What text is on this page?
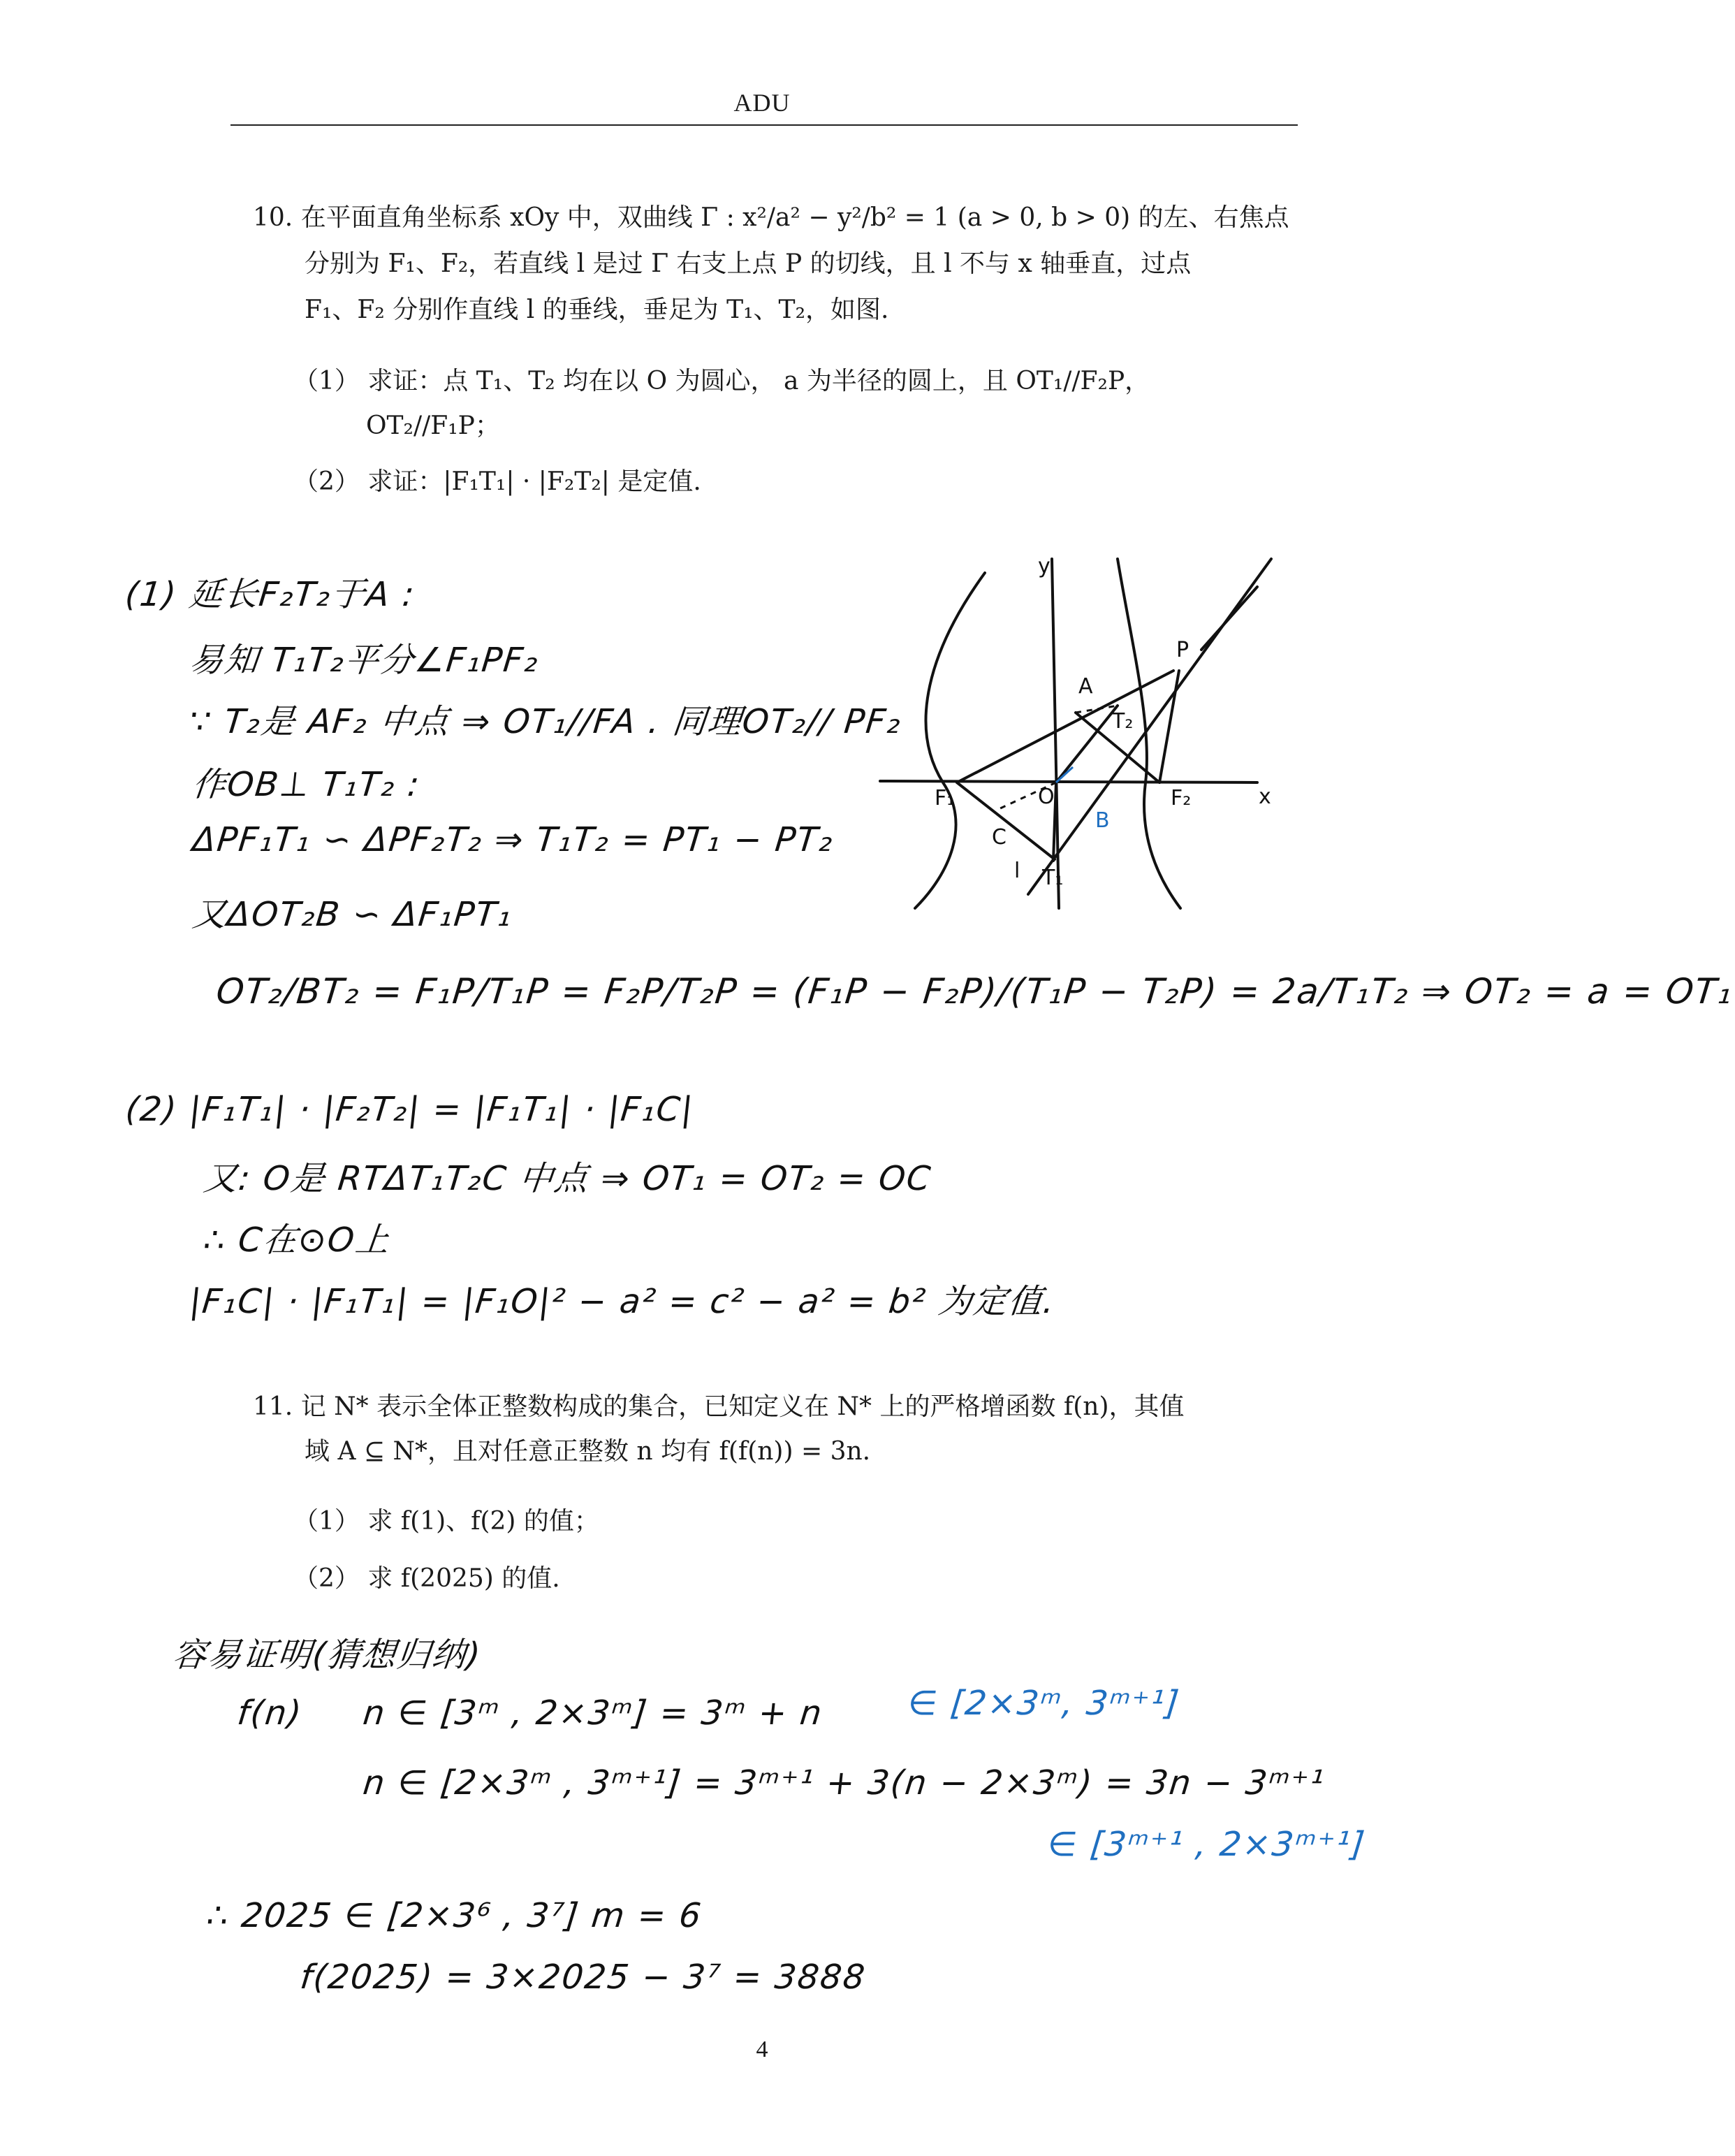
ADU
10. 在平面直角坐标系 xOy 中，双曲线 Γ : x²/a² − y²/b² = 1 (a > 0, b > 0) 的左、右焦点
分别为 F₁、F₂，若直线 l 是过 Γ 右支上点 P 的切线，且 l 不与 x 轴垂直，过点
F₁、F₂ 分别作直线 l 的垂线，垂足为 T₁、T₂，如图.
（1） 求证：点 T₁、T₂ 均在以 O 为圆心， a 为半径的圆上，且 OT₁//F₂P，
OT₂//F₁P；
（2） 求证：|F₁T₁| · |F₂T₂| 是定值.
(1) 延长F₂T₂于A :
易知 T₁T₂平分∠F₁PF₂
∵ T₂是 AF₂ 中点 ⇒ OT₁//FA . 同理OT₂// PF₂
作OB⊥ T₁T₂ :
ΔPF₁T₁ ∽ ΔPF₂T₂ ⇒ T₁T₂ = PT₁ − PT₂
又ΔOT₂B ∽ ΔF₁PT₁
OT₂/BT₂ = F₁P/T₁P = F₂P/T₂P = (F₁P − F₂P)/(T₁P − T₂P) = 2a/T₁T₂ ⇒ OT₂ = a = OT₁
(2) |F₁T₁| · |F₂T₂| = |F₁T₁| · |F₁C|
又: O是 RTΔT₁T₂C 中点 ⇒ OT₁ = OT₂ = OC
∴ C在⊙O上
|F₁C| · |F₁T₁| = |F₁O|² − a² = c² − a² = b² 为定值.
y
x
P
A
T₂
O
F₁	F₂
C
l T₁
B
11. 记 N* 表示全体正整数构成的集合，已知定义在 N* 上的严格增函数 f(n)，其值
域 A ⊆ N*，且对任意正整数 n 均有 f(f(n)) = 3n.
（1） 求 f(1)、f(2) 的值；
（2） 求 f(2025) 的值.
容易证明(猜想归纳)
f(n) n ∈ [3ᵐ , 2×3ᵐ] = 3ᵐ + n ∈ [2×3ᵐ, 3ᵐ⁺¹]
n ∈ [2×3ᵐ , 3ᵐ⁺¹] = 3ᵐ⁺¹ + 3(n − 2×3ᵐ) = 3n − 3ᵐ⁺¹
∈ [3ᵐ⁺¹ , 2×3ᵐ⁺¹]
∴ 2025 ∈ [2×3⁶ , 3⁷] m = 6
f(2025) = 3×2025 − 3⁷ = 3888
4
